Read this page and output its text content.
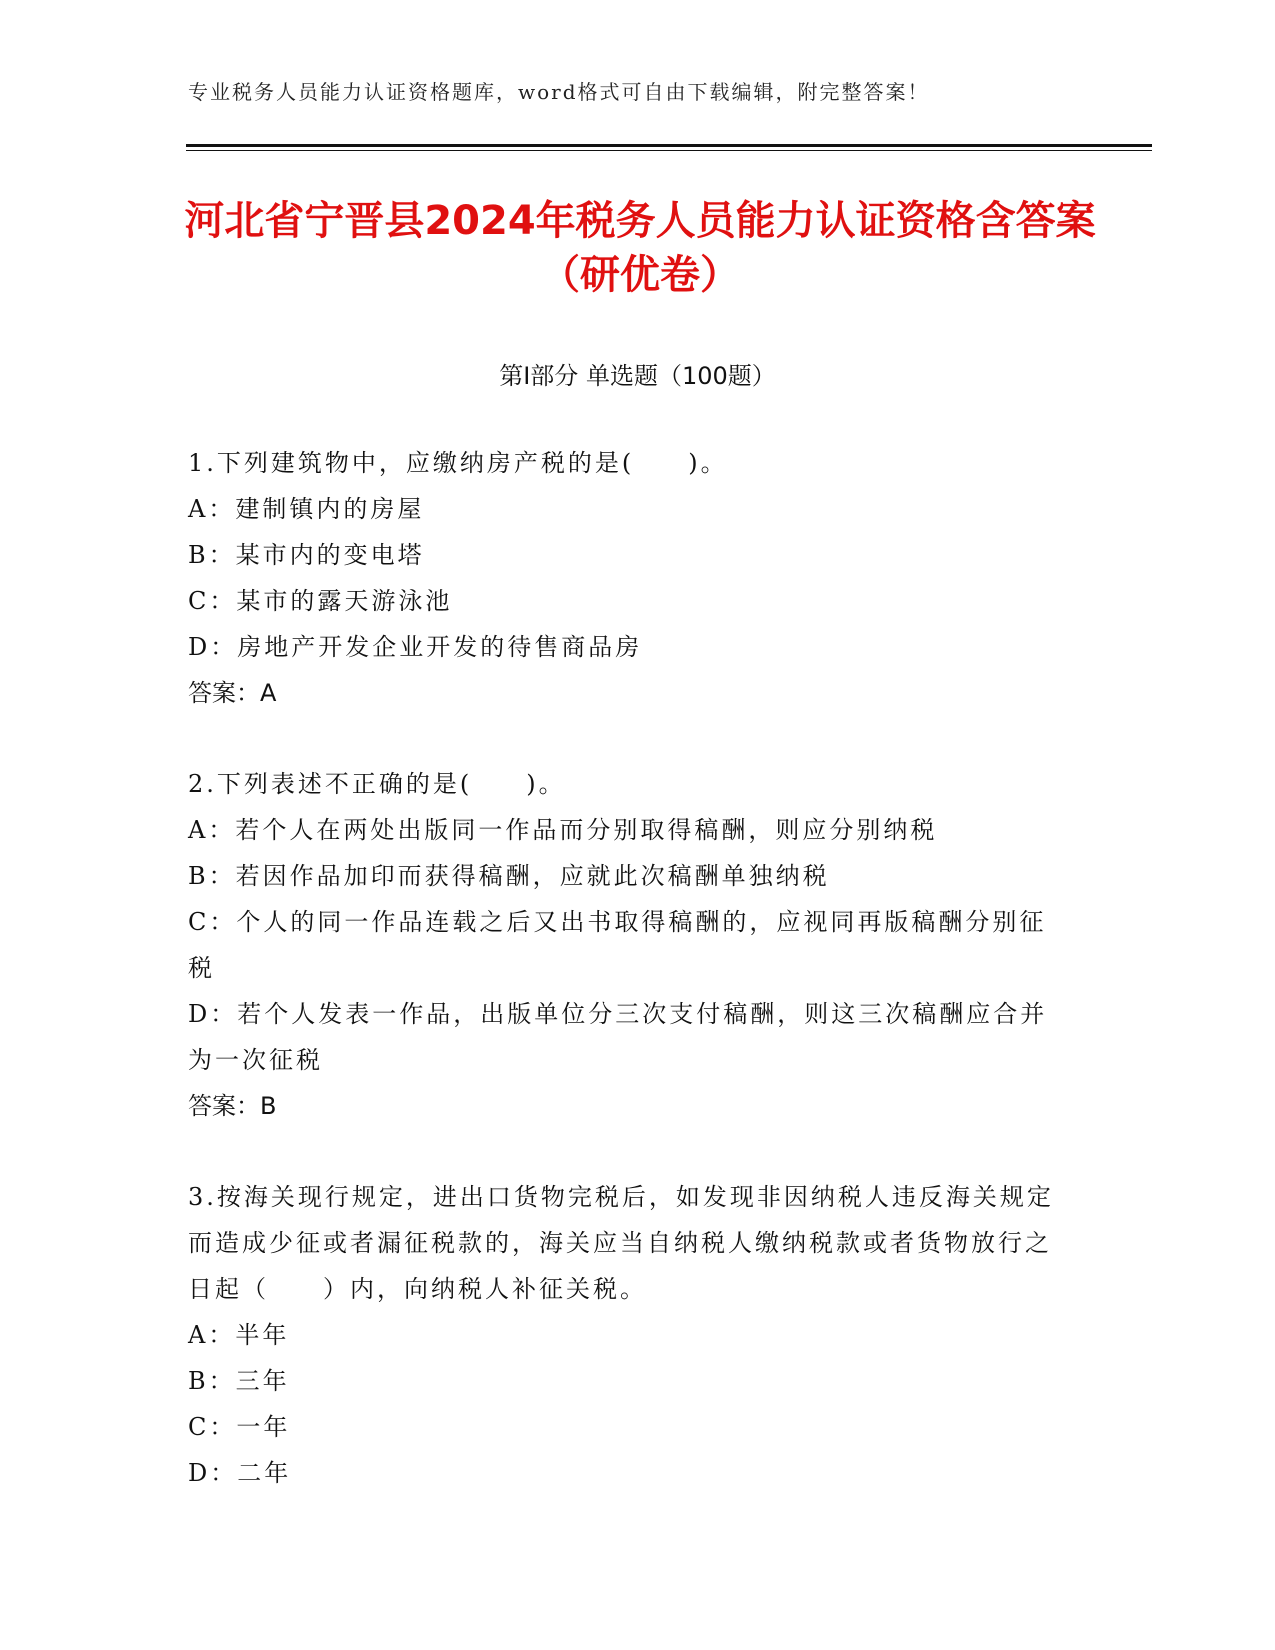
专业税务人员能力认证资格题库，word格式可自由下载编辑，附完整答案！
河北省宁晋县2024年税务人员能力认证资格含答案（研优卷）
第I部分 单选题（100题）

1.下列建筑物中，应缴纳房产税的是(　　)。

A：建制镇内的房屋

B：某市内的变电塔

C：某市的露天游泳池

D：房地产开发企业开发的待售商品房

答案：A

2.下列表述不正确的是(　　)。

A：若个人在两处出版同一作品而分别取得稿酬，则应分别纳税

B：若因作品加印而获得稿酬，应就此次稿酬单独纳税

C：个人的同一作品连载之后又出书取得稿酬的，应视同再版稿酬分别征税

D：若个人发表一作品，出版单位分三次支付稿酬，则这三次稿酬应合并为一次征税

答案：B

3.按海关现行规定，进出口货物完税后，如发现非因纳税人违反海关规定而造成少征或者漏征税款的，海关应当自纳税人缴纳税款或者货物放行之日起（　　）内，向纳税人补征关税。

A：半年

B：三年

C：一年

D：二年
